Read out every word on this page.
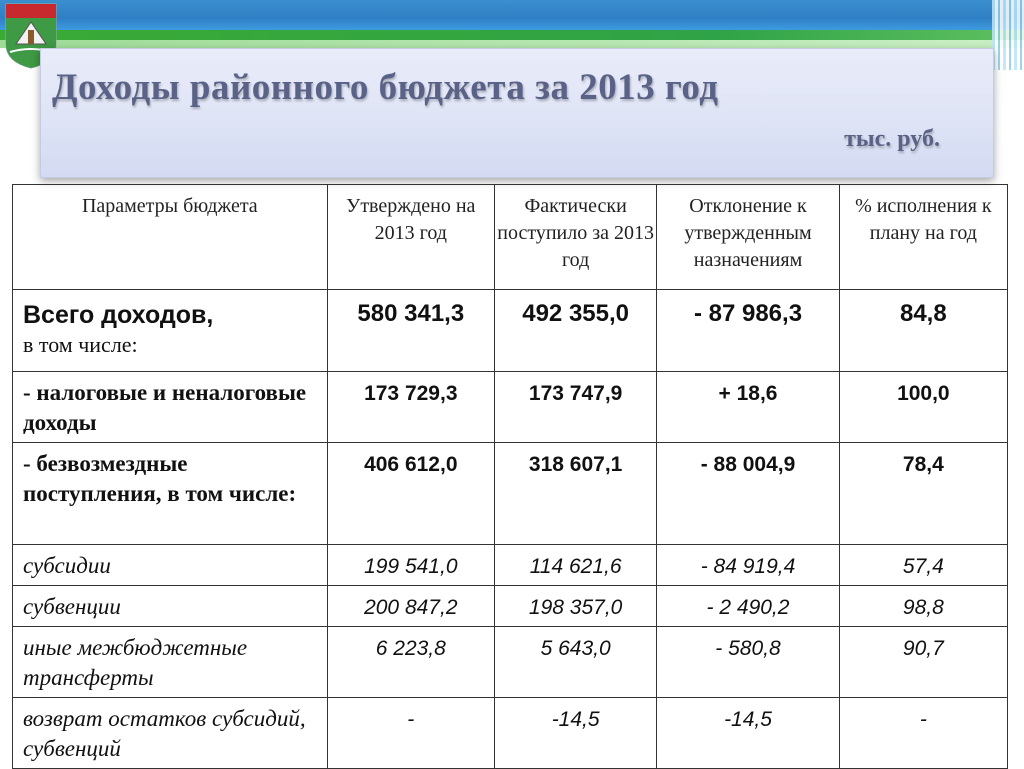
Доходы районного бюджета за 2013 год
тыс. руб.
Параметры бюджета	Утверждено на 2013 год	Фактически поступило за 2013 год	Отклонение к утвержденным назначениям	% исполнения к плану на год

Всего доходов,
в том числе:	580 341,3	492 355,0	- 87 986,3	84,8
- налоговые и неналоговые доходы	173 729,3	173 747,9	+ 18,6	100,0
- безвозмездные поступления, в том числе:	406 612,0	318 607,1	- 88 004,9	78,4
субсидии	199 541,0	114 621,6	- 84 919,4	57,4
субвенции	200 847,2	198 357,0	- 2 490,2	98,8
иные межбюджетные трансферты	6 223,8	5 643,0	- 580,8	90,7
возврат остатков субсидий, субвенций	-	-14,5	-14,5	-
